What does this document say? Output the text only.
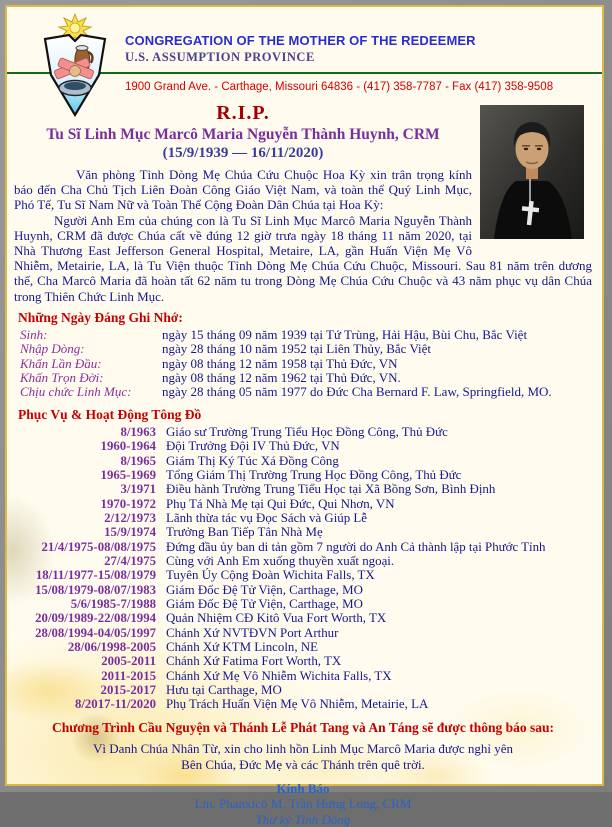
CONGREGATION OF THE MOTHER OF THE REDEEMER
U.S. ASSUMPTION PROVINCE
1900 Grand Ave. - Carthage, Missouri 64836 - (417) 358-7787 - Fax (417) 358-9508
R.I.P.
Tu Sĩ Linh Mục Marcô Maria Nguyễn Thành Huynh, CRM
(15/9/1939 — 16/11/2020)

Văn phòng Tỉnh Dòng Mẹ Chúa Cứu Chuộc Hoa Kỳ xin trân trọng kính báo đến Cha Chủ Tịch Liên Đoàn Công Giáo Việt Nam, và toàn thể Quý Linh Mục, Phó Tế, Tu Sĩ Nam Nữ và Toàn Thể Cộng Đoàn Dân Chúa tại Hoa Kỳ:

Người Anh Em của chúng con là Tu Sĩ Linh Mục Marcô Maria Nguyễn Thành Huynh, CRM đã được Chúa cất về đúng 12 giờ trưa ngày 18 tháng 11 năm 2020, tại Nhà Thương East Jefferson General Hospital, Metaire, LA, gần Huấn Viện Mẹ Vô Nhiễm, Metairie, LA, là Tu Viện thuộc Tỉnh Dòng Mẹ Chúa Cứu Chuộc, Missouri. Sau 81 năm trên dương thế, Cha Marcô Maria đã hoàn tất 62 năm tu trong Dòng Mẹ Chúa Cứu Chuộc và 43 năm phục vụ dân Chúa trong Thiên Chức Linh Mục.

Những Ngày Đáng Ghi Nhớ:
Sinh:	ngày 15 tháng 09 năm 1939 tại Tứ Trùng, Hải Hậu, Bùi Chu, Bắc Việt
Nhập Dòng:	ngày 28 tháng 10 năm 1952 tại Liên Thủy, Bắc Việt
Khấn Lần Đầu:	ngày 08 tháng 12 năm 1958 tại Thủ Đức, VN
Khấn Trọn Đời:	ngày 08 tháng 12 năm 1962 tại Thủ Đức, VN.
Chịu chức Linh Mục:	ngày 28 tháng 05 năm 1977 do Đức Cha Bernard F. Law, Springfield, MO.
Phục Vụ & Hoạt Động Tông Đồ
8/1963 Giáo sư Trường Trung Tiểu Học Đồng Công, Thủ Đức
1960-1964 Đội Trưởng Đội IV Thủ Đức, VN
8/1965 Giám Thị Ký Túc Xá Đồng Công
1965-1969 Tổng Giám Thị Trường Trung Học Đồng Công, Thủ Đức
3/1971 Điều hành Trường Trung Tiểu Học tại Xã Bồng Sơn, Bình Định
1970-1972 Phụ Tá Nhà Mẹ tại Qui Đức, Qui Nhơn, VN
2/12/1973 Lãnh thừa tác vụ Đọc Sách và Giúp Lễ
15/9/1974 Trưởng Ban Tiếp Tân Nhà Mẹ
21/4/1975-08/08/1975 Đứng đầu ủy ban di tản gồm 7 người do Anh Cả thành lập tại Phước Tỉnh
27/4/1975 Cùng với Anh Em xuống thuyền xuất ngoại.
18/11/1977-15/08/1979 Tuyên Úy Cộng Đoàn Wichita Falls, TX
15/08/1979-08/07/1983 Giám Đốc Đệ Tử Viện, Carthage, MO
5/6/1985-7/1988 Giám Đốc Đệ Tử Viện, Carthage, MO
20/09/1989-22/08/1994 Quản Nhiệm CĐ Kitô Vua Fort Worth, TX
28/08/1994-04/05/1997 Chánh Xứ NVTĐVN Port Arthur
28/06/1998-2005 Chánh Xứ KTM Lincoln, NE
2005-2011 Chánh Xứ Fatima Fort Worth, TX
2011-2015 Chánh Xứ Mẹ Vô Nhiễm Wichita Falls, TX
2015-2017 Hưu tại Carthage, MO
8/2017-11/2020 Phụ Trách Huấn Viện Mẹ Vô Nhiễm, Metairie, LA
Chương Trình Cầu Nguyện và Thánh Lễ Phát Tang và An Táng sẽ được thông báo sau:
Vì Danh Chúa Nhân Từ, xin cho linh hồn Linh Mục Marcô Maria được nghỉ yên
Bên Chúa, Đức Mẹ và các Thánh trên quê trời.
Kính Báo
Lm. Phanxicô M. Trần Hưng Long, CRM
Thư ký Tỉnh Dòng
